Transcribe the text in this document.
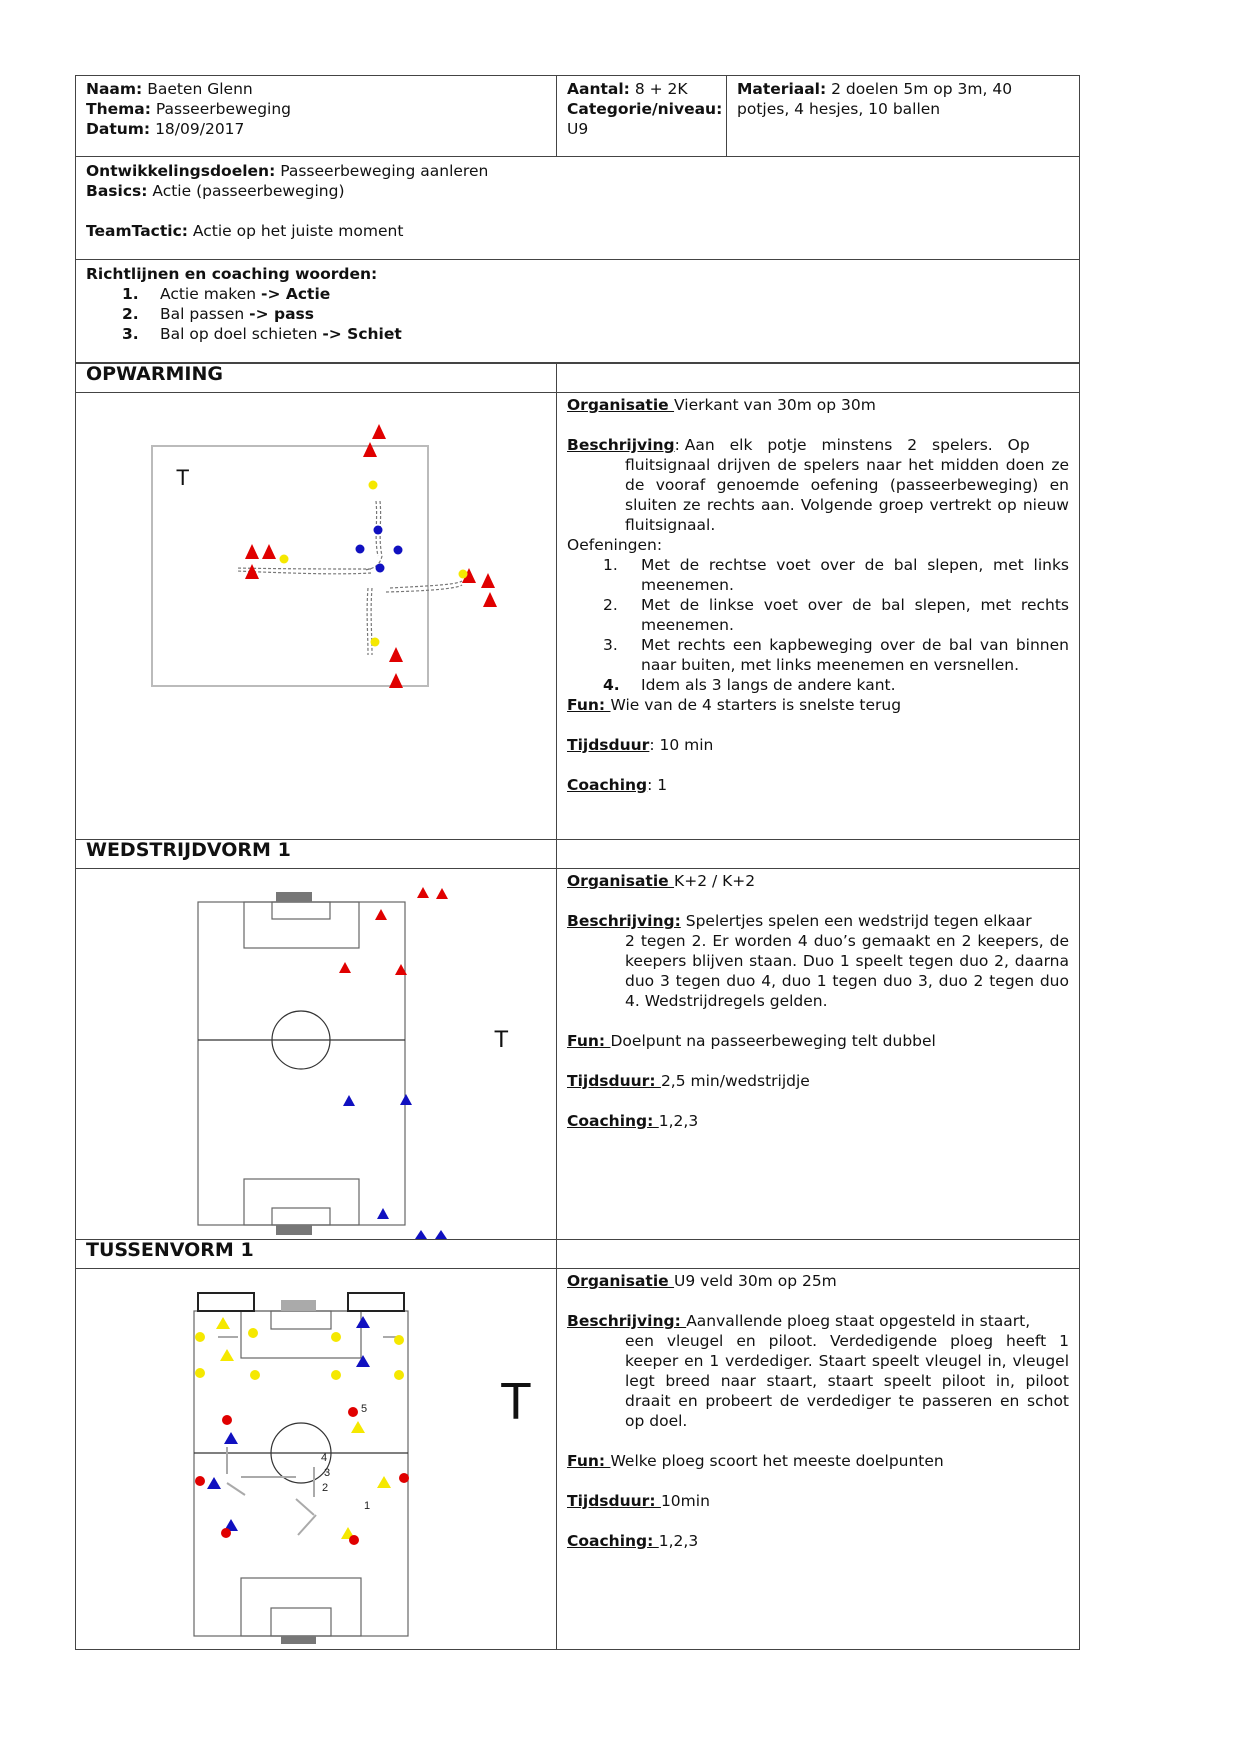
Naam: Baeten Glenn
Thema: Passeerbeweging
Datum: 18/09/2017

Aantal: 8 + 2K
Categorie/niveau:
U9
	Materiaal: 2 doelen 5m op 3m, 40 potjes, 4 hesjes, 10 ballen

Ontwikkelingsdoelen: Passeerbeweging aanleren
Basics: Actie (passeerbeweging)
TeamTactic: Actie op het juiste moment

Richtlijnen en coaching woorden:
1.	Actie maken
-> Actie
2.	Bal passen
-> pass
3.	Bal op doel schieten
-> Schiet
OPWARMING	

T

Organisatie Vierkant van 30m op 30m
Beschrijving: Aan elk potje minstens 2 spelers. Op
fluitsignaal drijven de spelers naar het midden doen ze de vooraf genoemde oefening (passeerbeweging) en sluiten ze rechts aan. Volgende groep vertrekt op nieuw fluitsignaal.
Oefeningen:
1.	Met de rechtse voet over de bal slepen, met links meenemen.
2.	Met de linkse voet over de bal slepen, met rechts meenemen.
3.	Met rechts een kapbeweging over de bal van binnen naar buiten, met links meenemen en versnellen.
4.	Idem als 3 langs de andere kant.
Fun: Wie van de 4 starters is snelste terug
Tijdsduur: 10 min
Coaching: 1

WEDSTRIJDVORM 1	

T

Organisatie K+2 / K+2
Beschrijving: Spelertjes spelen een wedstrijd tegen elkaar
2 tegen 2. Er worden 4 duo’s gemaakt en 2 keepers, de keepers blijven staan. Duo 1 speelt tegen duo 2, daarna duo 3 tegen duo 4, duo 1 tegen duo 3, duo 2 tegen duo 4. Wedstrijdregels gelden.
Fun: Doelpunt na passeerbeweging telt dubbel
Tijdsduur: 2,5 min/wedstrijdje
Coaching: 1,2,3

TUSSENVORM 1	

1
2
3
4
5	T

Organisatie U9 veld 30m op 25m
Beschrijving: Aanvallende ploeg staat opgesteld in staart,
een vleugel en piloot. Verdedigende ploeg heeft 1 keeper en 1 verdediger. Staart speelt vleugel in, vleugel legt breed naar staart, staart speelt piloot in, piloot draait en probeert de verdediger te passeren en schot op doel.
Fun: Welke ploeg scoort het meeste doelpunten
Tijdsduur: 10min
Coaching: 1,2,3
